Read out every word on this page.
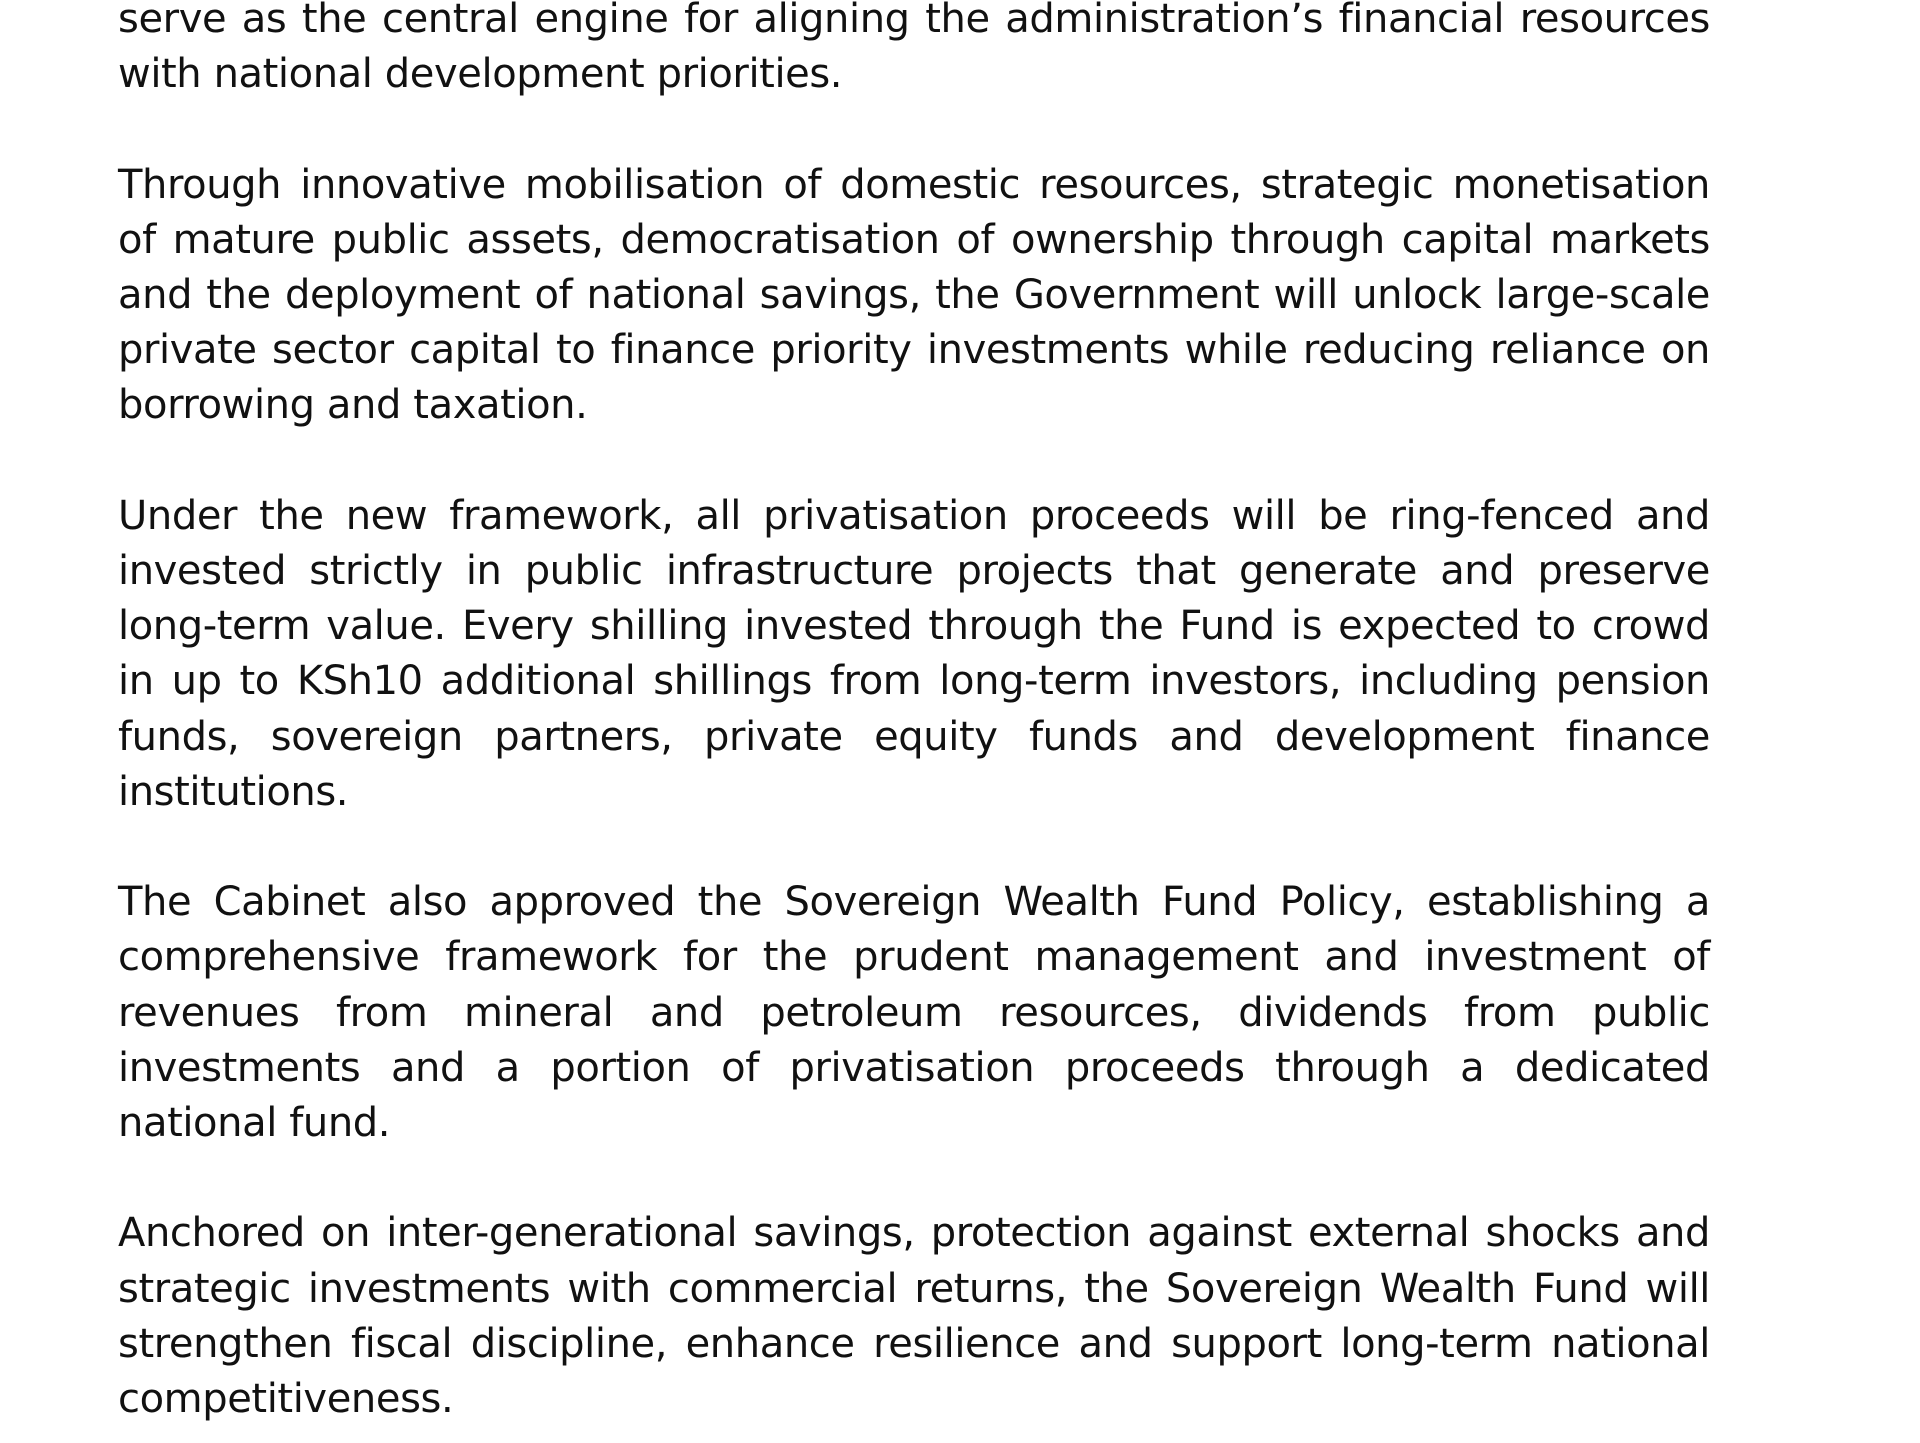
serve as the central engine for aligning the administration’s financial resources with national development priorities.

Through innovative mobilisation of domestic resources, strategic monetisation of mature public assets, democratisation of ownership through capital markets and the deployment of national savings, the Government will unlock large-scale private sector capital to finance priority investments while reducing reliance on borrowing and taxation.

Under the new framework, all privatisation proceeds will be ring-fenced and invested strictly in public infrastructure projects that generate and preserve long-term value. Every shilling invested through the Fund is expected to crowd in up to KSh10 additional shillings from long-term investors, including pension funds, sovereign partners, private equity funds and development finance institutions.

The Cabinet also approved the Sovereign Wealth Fund Policy, establishing a comprehensive framework for the prudent management and investment of revenues from mineral and petroleum resources, dividends from public investments and a portion of privatisation proceeds through a dedicated national fund.

Anchored on inter-generational savings, protection against external shocks and strategic investments with commercial returns, the Sovereign Wealth Fund will strengthen fiscal discipline, enhance resilience and support long-term national competitiveness.
